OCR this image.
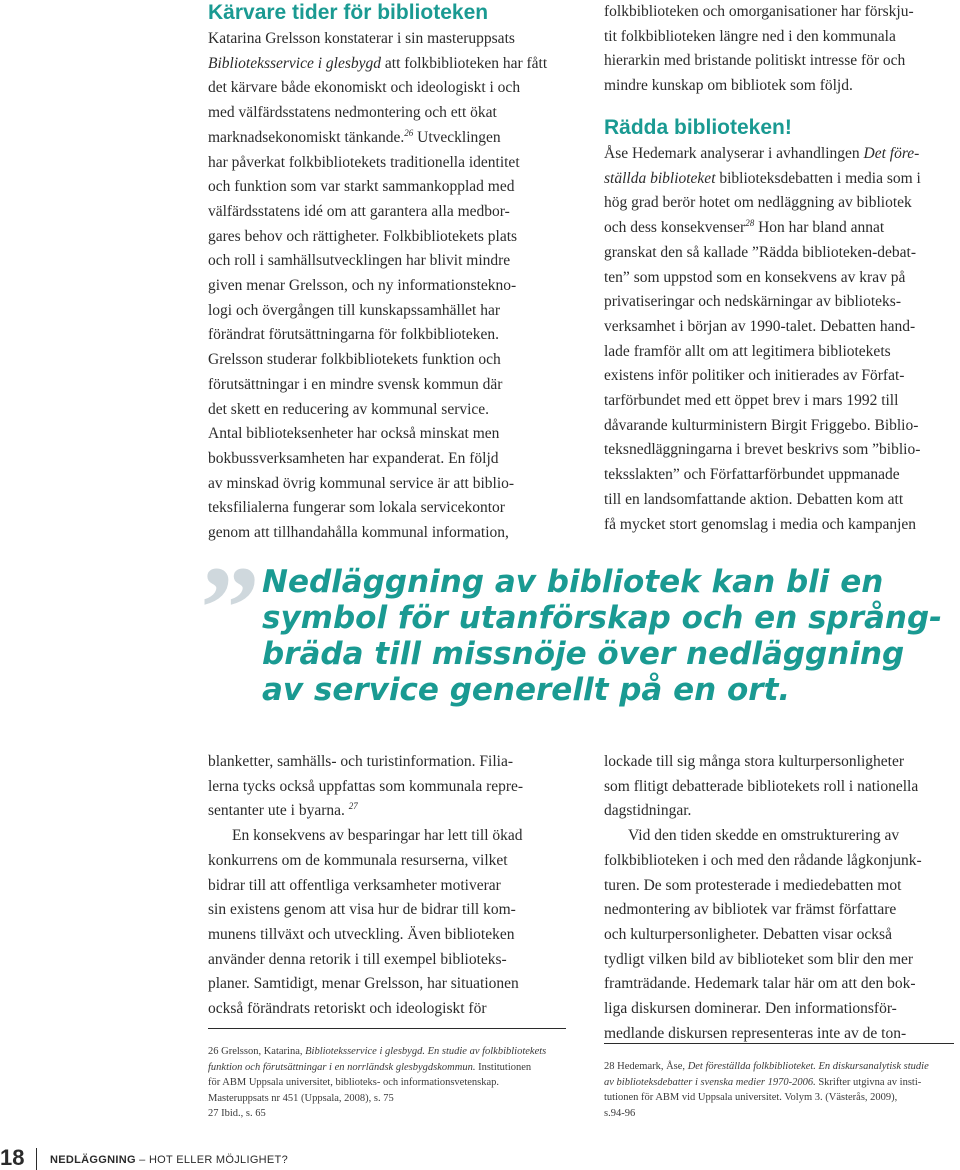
Kärvare tider för biblioteken
Katarina Grelsson konstaterar i sin masteruppsats
Biblioteksservice i glesbygd att folkbiblioteken har fått
det kärvare både ekonomiskt och ideologiskt i och
med välfärdsstatens nedmontering och ett ökat
marknadsekonomiskt tänkande.$^{26}$ Utvecklingen
har påverkat folkbibliotekets traditionella identitet
och funktion som var starkt sammankopplad med
välfärdsstatens idé om att garantera alla medbor-
gares behov och rättigheter. Folkbibliotekets plats
och roll i samhällsutvecklingen har blivit mindre
given menar Grelsson, och ny informationsteknо-
logi och övergången till kunskapssamhället har
förändrat förutsättningarna för folkbiblioteken.
Grelsson studerar folkbibliotekets funktion och
förutsättningar i en mindre svensk kommun där
det skett en reducering av kommunal service.
Antal biblioteksenheter har också minskat men
bokbussverksamheten har expanderat. En följd
av minskad övrig kommunal service är att biblio-
teksfilialerna fungerar som lokala servicekontor
genom att tillhandahålla kommunal information,
folkbiblioteken och omorganisationer har förskju-
tit folkbiblioteken längre ned i den kommunala
hierarkin med bristande politiskt intresse för och
mindre kunskap om bibliotek som följd.
Rädda biblioteken!
Åse Hedemark analyserar i avhandlingen Det före-
ställda biblioteket biblioteksdebatten i media som i
hög grad berör hotet om nedläggning av bibliotek
och dess konsekvenser$^{28}$ Hon har bland annat
granskat den så kallade ”Rädda biblioteken-debat-
ten” som uppstod som en konsekvens av krav på
privatiseringar och nedskärningar av biblioteks-
verksamhet i början av 1990-talet. Debatten hand-
lade framför allt om att legitimera bibliotekets
existens inför politiker och initierades av Förfat-
tarförbundet med ett öppet brev i mars 1992 till
dåvarande kulturministern Birgit Friggebo. Biblio-
teksnedläggningarna i brevet beskrivs som ”biblio-
teksslakten” och Författarförbundet uppmanade
till en landsomfattande aktion. Debatten kom att
få mycket stort genomslag i media och kampanjen
” Nedläggning av bibliotek kan bli en
symbol för utanförskap och en språng-
bräda till missnöje över nedläggning
av service generellt på en ort.
blanketter, samhälls- och turistinformation. Filia-
lerna tycks också uppfattas som kommunala repre-
sentanter ute i byarna. $^{27}$
En konsekvens av besparingar har lett till ökad
konkurrens om de kommunala resurserna, vilket
bidrar till att offentliga verksamheter motiverar
sin existens genom att visa hur de bidrar till kom-
munens tillväxt och utveckling. Även biblioteken
använder denna retorik i till exempel biblioteks-
planer. Samtidigt, menar Grelsson, har situationen
också förändrats retoriskt och ideologiskt för
lockade till sig många stora kulturpersonligheter
som flitigt debatterade bibliotekets roll i nationella
dagstidningar.
Vid den tiden skedde en omstrukturering av
folkbiblioteken i och med den rådande lågkonjunk-
turen. De som protesterade i mediedebatten mot
nedmontering av bibliotek var främst författare
och kulturpersonligheter. Debatten visar också
tydligt vilken bild av biblioteket som blir den mer
framträdande. Hedemark talar här om att den bok-
liga diskursen dominerar. Den informationsför-
medlande diskursen representeras inte av de ton-
26 Grelsson, Katarina, Biblioteksservice i glesbygd. En studie av folkbibliotekets
funktion och förutsättningar i en norrländsk glesbygdskommun. Institutionen
för ABM Uppsala universitet, biblioteks- och informationsvetenskap.
Masteruppsats nr 451 (Uppsala, 2008), s. 75
27 Ibid., s. 65
28 Hedemark, Åse, Det föreställda folkbiblioteket. En diskursanalytisk studie
av biblioteksdebatter i svenska medier 1970-2006. Skrifter utgivna av insti-
tutionen för ABM vid Uppsala universitet. Volym 3. (Västerås, 2009),
s.94-96
18	NEDLÄGGNING – HOT ELLER MÖJLIGHET?
